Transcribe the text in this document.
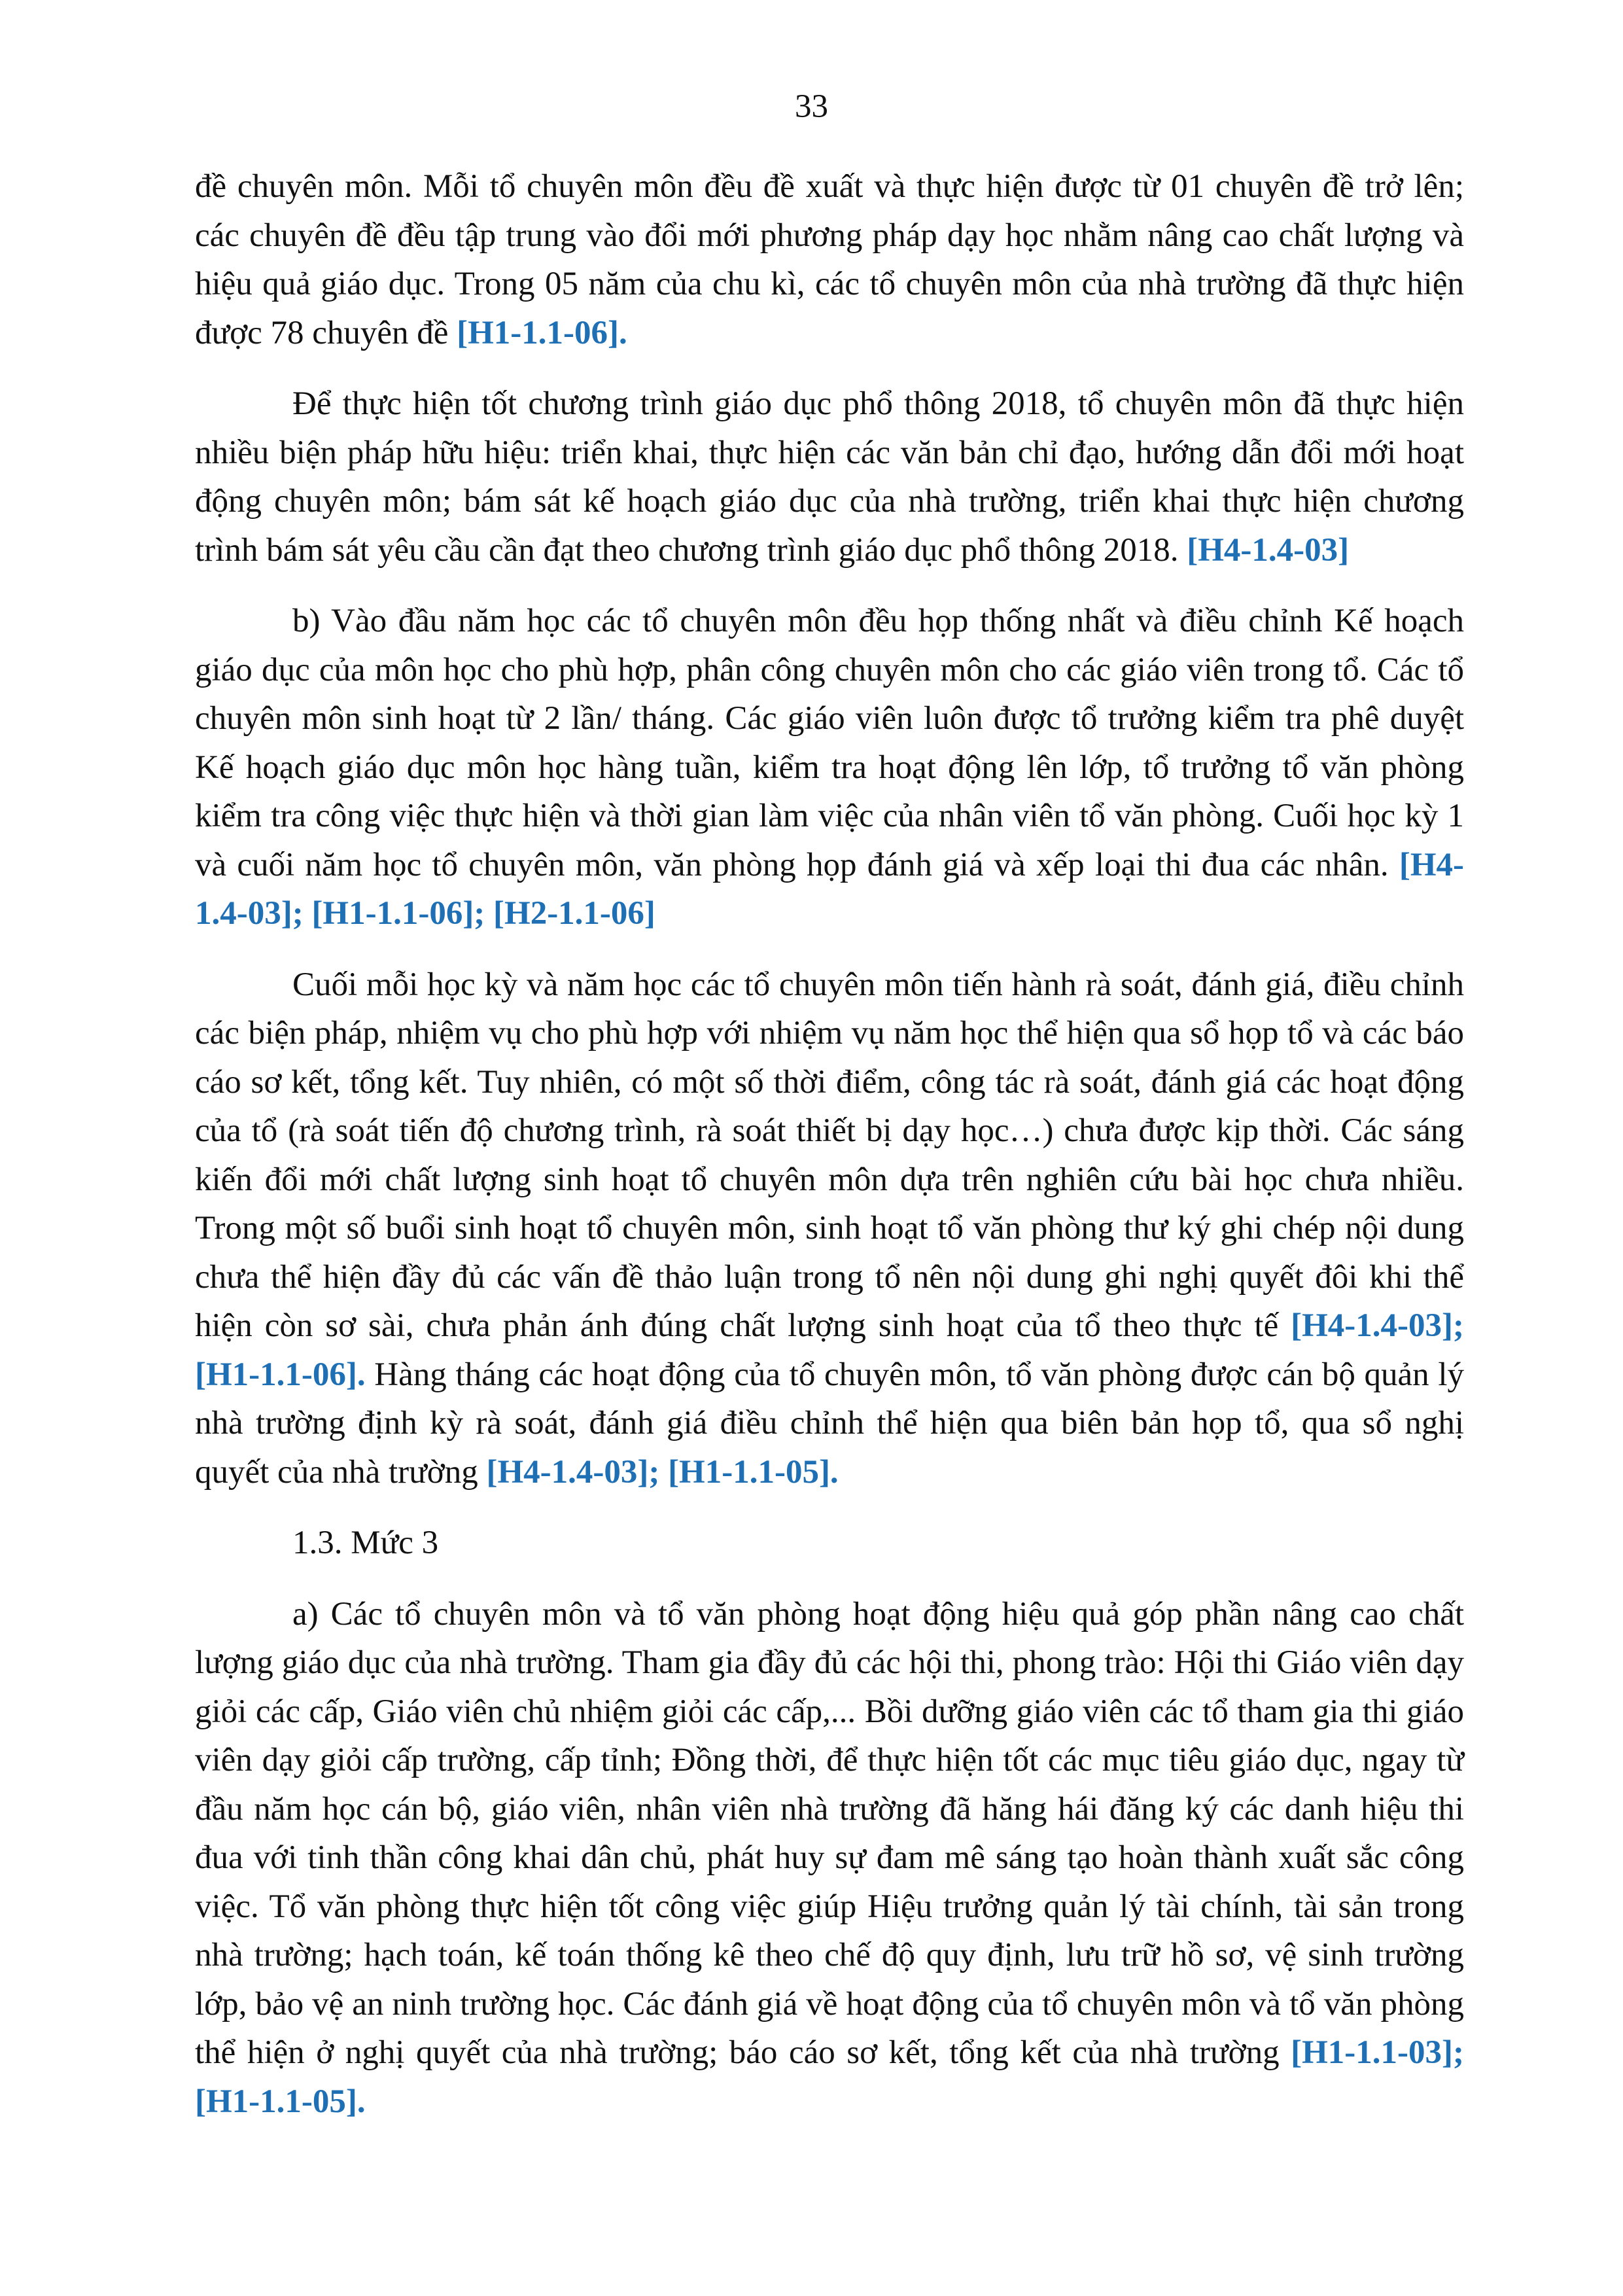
33

đề chuyên môn. Mỗi tổ chuyên môn đều đề xuất và thực hiện được từ 01 chuyên đề trở lên; các chuyên đề đều tập trung vào đổi mới phương pháp dạy học nhằm nâng cao chất lượng và hiệu quả giáo dục. Trong 05 năm của chu kì, các tổ chuyên môn của nhà trường đã thực hiện được 78 chuyên đề [H1-1.1-06].

Để thực hiện tốt chương trình giáo dục phổ thông 2018, tổ chuyên môn đã thực hiện nhiều biện pháp hữu hiệu: triển khai, thực hiện các văn bản chỉ đạo, hướng dẫn đổi mới hoạt động chuyên môn; bám sát kế hoạch giáo dục của nhà trường, triển khai thực hiện chương trình bám sát yêu cầu cần đạt theo chương trình giáo dục phổ thông 2018. [H4-1.4-03]

b) Vào đầu năm học các tổ chuyên môn đều họp thống nhất và điều chỉnh Kế hoạch giáo dục của môn học cho phù hợp, phân công chuyên môn cho các giáo viên trong tổ. Các tổ chuyên môn sinh hoạt từ 2 lần/ tháng. Các giáo viên luôn được tổ trưởng kiểm tra phê duyệt Kế hoạch giáo dục môn học hàng tuần, kiểm tra hoạt động lên lớp, tổ trưởng tổ văn phòng kiểm tra công việc thực hiện và thời gian làm việc của nhân viên tổ văn phòng. Cuối học kỳ 1 và cuối năm học tổ chuyên môn, văn phòng họp đánh giá và xếp loại thi đua các nhân. [H4-1.4-03]; [H1-1.1-06]; [H2-1.1-06]

Cuối mỗi học kỳ và năm học các tổ chuyên môn tiến hành rà soát, đánh giá, điều chỉnh các biện pháp, nhiệm vụ cho phù hợp với nhiệm vụ năm học thể hiện qua sổ họp tổ và các báo cáo sơ kết, tổng kết. Tuy nhiên, có một số thời điểm, công tác rà soát, đánh giá các hoạt động của tổ (rà soát tiến độ chương trình, rà soát thiết bị dạy học…) chưa được kịp thời. Các sáng kiến đổi mới chất lượng sinh hoạt tổ chuyên môn dựa trên nghiên cứu bài học chưa nhiều. Trong một số buổi sinh hoạt tổ chuyên môn, sinh hoạt tổ văn phòng thư ký ghi chép nội dung chưa thể hiện đầy đủ các vấn đề thảo luận trong tổ nên nội dung ghi nghị quyết đôi khi thể hiện còn sơ sài, chưa phản ánh đúng chất lượng sinh hoạt của tổ theo thực tế [H4-1.4-03]; [H1-1.1-06]. Hàng tháng các hoạt động của tổ chuyên môn, tổ văn phòng được cán bộ quản lý nhà trường định kỳ rà soát, đánh giá điều chỉnh thể hiện qua biên bản họp tổ, qua sổ nghị quyết của nhà trường [H4-1.4-03]; [H1-1.1-05].

1.3. Mức 3

a) Các tổ chuyên môn và tổ văn phòng hoạt động hiệu quả góp phần nâng cao chất lượng giáo dục của nhà trường. Tham gia đầy đủ các hội thi, phong trào: Hội thi Giáo viên dạy giỏi các cấp, Giáo viên chủ nhiệm giỏi các cấp,... Bồi dưỡng giáo viên các tổ tham gia thi giáo viên dạy giỏi cấp trường, cấp tỉnh; Đồng thời, để thực hiện tốt các mục tiêu giáo dục, ngay từ đầu năm học cán bộ, giáo viên, nhân viên nhà trường đã hăng hái đăng ký các danh hiệu thi đua với tinh thần công khai dân chủ, phát huy sự đam mê sáng tạo hoàn thành xuất sắc công việc. Tổ văn phòng thực hiện tốt công việc giúp Hiệu trưởng quản lý tài chính, tài sản trong nhà trường; hạch toán, kế toán thống kê theo chế độ quy định, lưu trữ hồ sơ, vệ sinh trường lớp, bảo vệ an ninh trường học. Các đánh giá về hoạt động của tổ chuyên môn và tổ văn phòng thể hiện ở nghị quyết của nhà trường; báo cáo sơ kết, tổng kết của nhà trường [H1-1.1-03]; [H1-1.1-05].
